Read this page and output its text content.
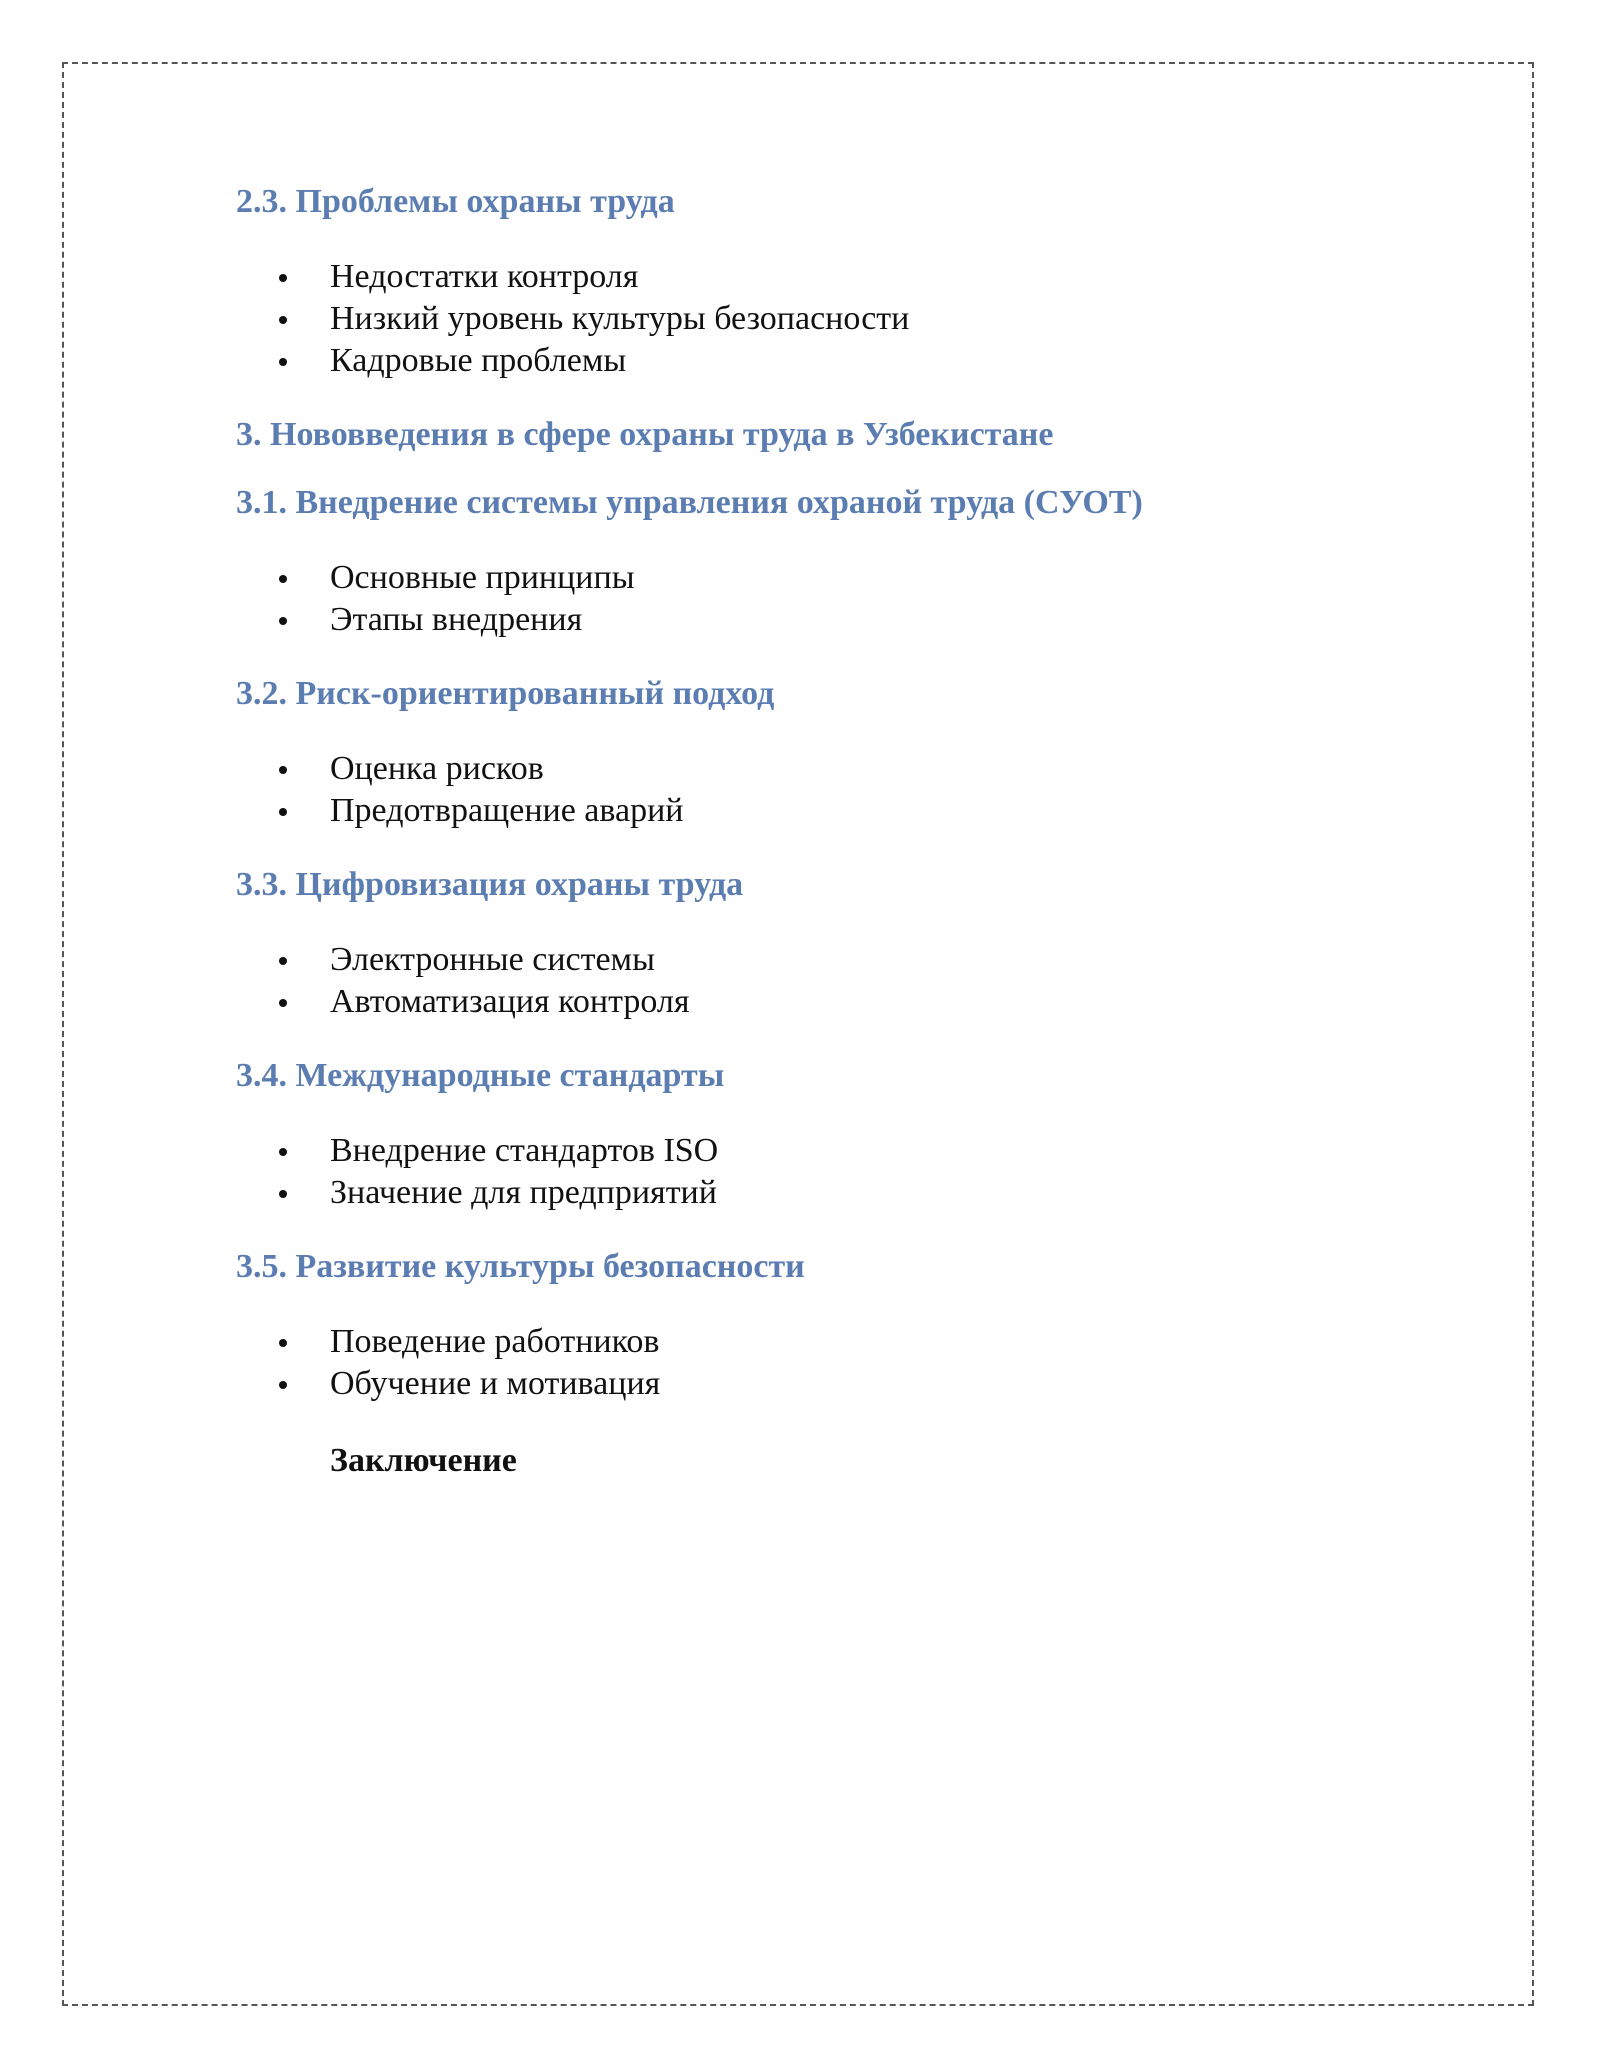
2.3. Проблемы охраны труда
Недостатки контроля
Низкий уровень культуры безопасности
Кадровые проблемы
3. Нововведения в сфере охраны труда в Узбекистане
3.1. Внедрение системы управления охраной труда (СУОТ)
Основные принципы
Этапы внедрения
3.2. Риск-ориентированный подход
Оценка рисков
Предотвращение аварий
3.3. Цифровизация охраны труда
Электронные системы
Автоматизация контроля
3.4. Международные стандарты
Внедрение стандартов ISO
Значение для предприятий
3.5. Развитие культуры безопасности
Поведение работников
Обучение и мотивация

Заключение
